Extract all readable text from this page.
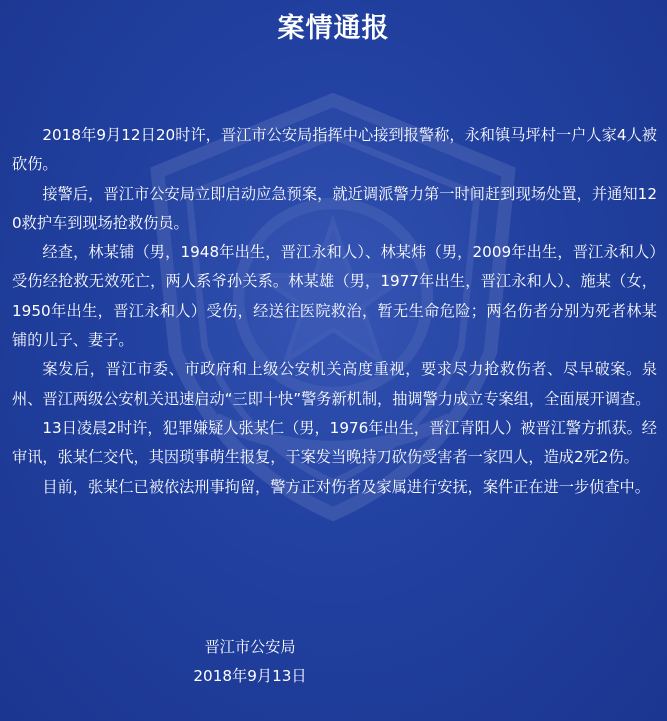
案情通报

2018年9月12日20时许，晋江市公安局指挥中心接到报警称，永和镇马坪村一户人家4人被砍伤。

接警后，晋江市公安局立即启动应急预案，就近调派警力第一时间赶到现场处置，并通知120救护车到现场抢救伤员。

经查，林某铺（男，1948年出生，晋江永和人）、林某炜（男，2009年出生，晋江永和人）受伤经抢救无效死亡，两人系爷孙关系。林某雄（男，1977年出生，晋江永和人）、施某（女，1950年出生，晋江永和人）受伤，经送往医院救治，暂无生命危险；两名伤者分别为死者林某铺的儿子、妻子。

案发后，晋江市委、市政府和上级公安机关高度重视，要求尽力抢救伤者、尽早破案。泉州、晋江两级公安机关迅速启动“三即十快”警务新机制，抽调警力成立专案组，全面展开调查。

13日凌晨2时许，犯罪嫌疑人张某仁（男，1976年出生，晋江青阳人）被晋江警方抓获。经审讯，张某仁交代，其因琐事萌生报复，于案发当晚持刀砍伤受害者一家四人，造成2死2伤。

目前，张某仁已被依法刑事拘留，警方正对伤者及家属进行安抚，案件正在进一步侦查中。

晋江市公安局
2018年9月13日
